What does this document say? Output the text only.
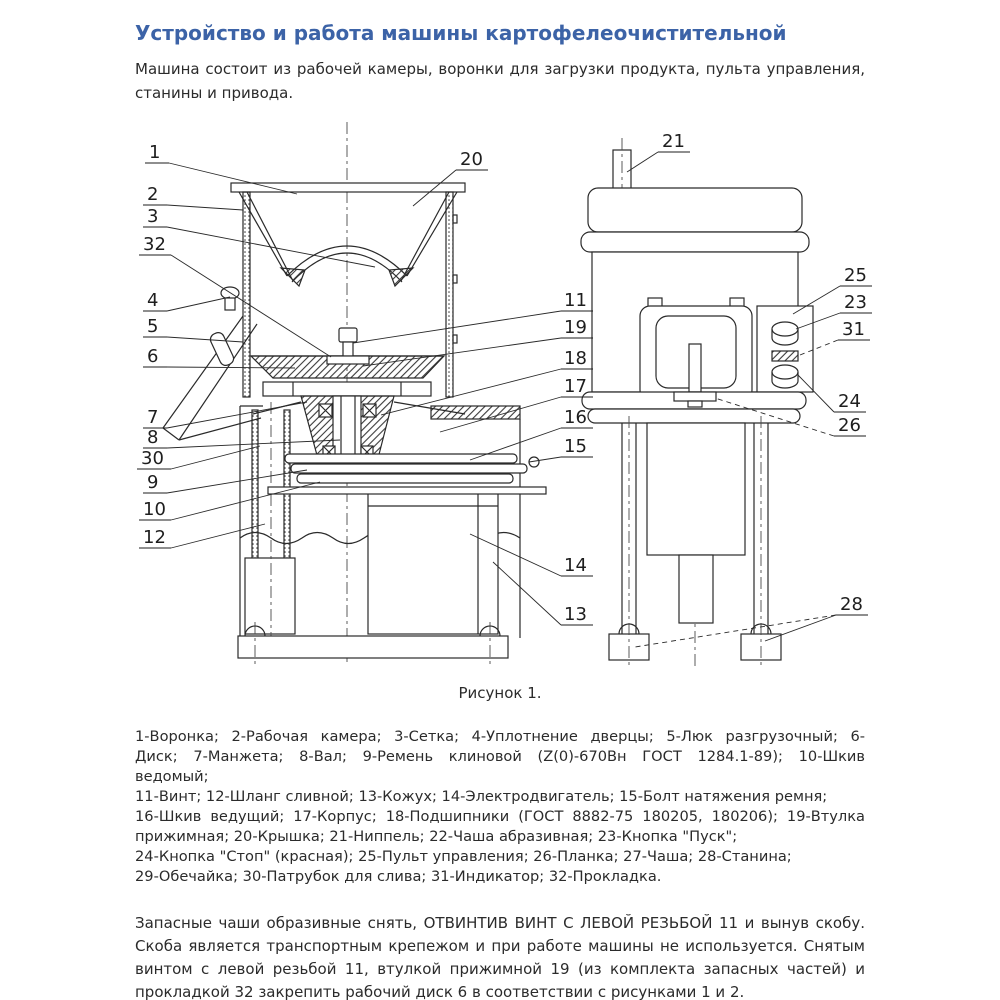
Устройство и работа машины картофелеочистительной
Машина состоит из рабочей камеры, воронки для загрузки продукта, пульта управления,
станины и привода.
1
2
3
32
4
5
6
7
8
30
9
10
12
20
11
19
18
17
16
15
14
13
21
25
23
31
24
26
28
Рисунок 1.
1-Воронка; 2-Рабочая камера; 3-Сетка; 4-Уплотнение дверцы; 5-Люк разгрузочный; 6-
Диск; 7-Манжета; 8-Вал; 9-Ремень клиновой (Z(0)-670Вн ГОСТ 1284.1-89); 10-Шкив
ведомый;
11-Винт; 12-Шланг сливной; 13-Кожух; 14-Электродвигатель; 15-Болт натяжения ремня;
16-Шкив ведущий; 17-Корпус; 18-Подшипники (ГОСТ 8882-75 180205, 180206); 19-Втулка
прижимная; 20-Крышка; 21-Ниппель; 22-Чаша абразивная; 23-Кнопка "Пуск";
24-Кнопка "Стоп" (красная); 25-Пульт управления; 26-Планка; 27-Чаша; 28-Станина;
29-Обечайка; 30-Патрубок для слива; 31-Индикатор; 32-Прокладка.
Запасные чаши образивные снять, ОТВИНТИВ ВИНТ С ЛЕВОЙ РЕЗЬБОЙ 11 и вынув скобу.
Скоба является транспортным крепежом и при работе машины не используется. Снятым
винтом с левой резьбой 11, втулкой прижимной 19 (из комплекта запасных частей) и
прокладкой 32 закрепить рабочий диск 6 в соответствии с рисунками 1 и 2.
